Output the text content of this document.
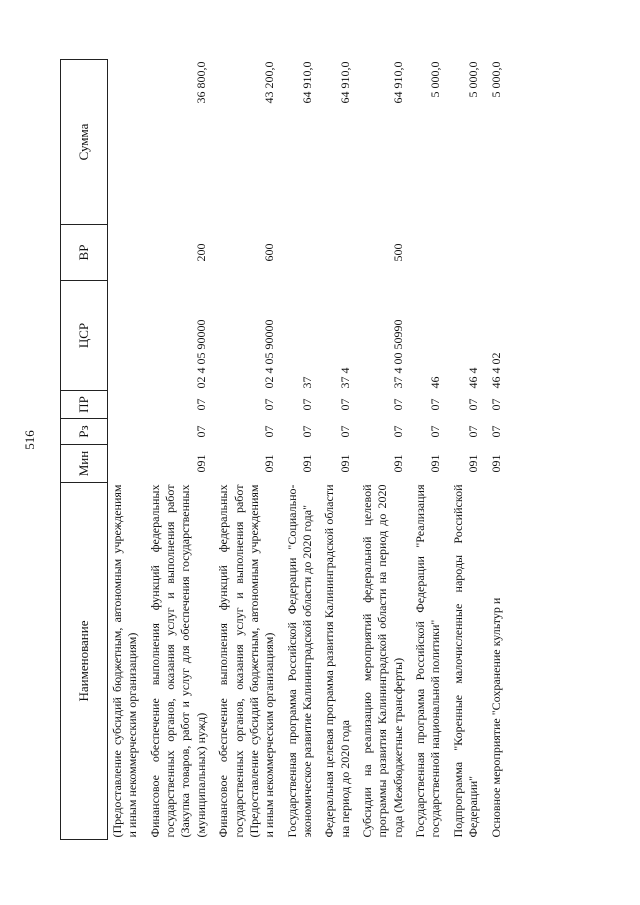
516
Наименование	Мин	Рз	ПР	ЦСР	ВР	Сумма
(Предоставление субсидий бюджетным, автономным учреждениям и иным некоммерческим организациям)						
Финансовое обеспечение выполнения функций федеральных государственных органов, оказания услуг и выполнения работ (Закупка товаров, работ и услуг для обеспечения государственных (муниципальных) нужд)	091	07	07	02 4 05 90000	200	36 800,0
Финансовое обеспечение выполнения функций федеральных государственных органов, оказания услуг и выполнения работ (Предоставление субсидий бюджетным, автономным учреждениям и иным некоммерческим организациям)	091	07	07	02 4 05 90000	600	43 200,0
Государственная программа Российской Федерации "Социально-экономическое развитие Калининградской области до 2020 года"	091	07	07	37		64 910,0
Федеральная целевая программа развития Калининградской области на период до 2020 года	091	07	07	37 4		64 910,0
Субсидии на реализацию мероприятий федеральной целевой программы развития Калининградской области на период до 2020 года (Межбюджетные трансферты)	091	07	07	37 4 00 50990	500	64 910,0
Государственная программа Российской Федерации "Реализация государственной национальной политики"	091	07	07	46		5 000,0
Подпрограмма "Коренные малочисленные народы Российской Федерации"	091	07	07	46 4		5 000,0
Основное мероприятие "Сохранение культур и	091	07	07	46 4 02		5 000,0
